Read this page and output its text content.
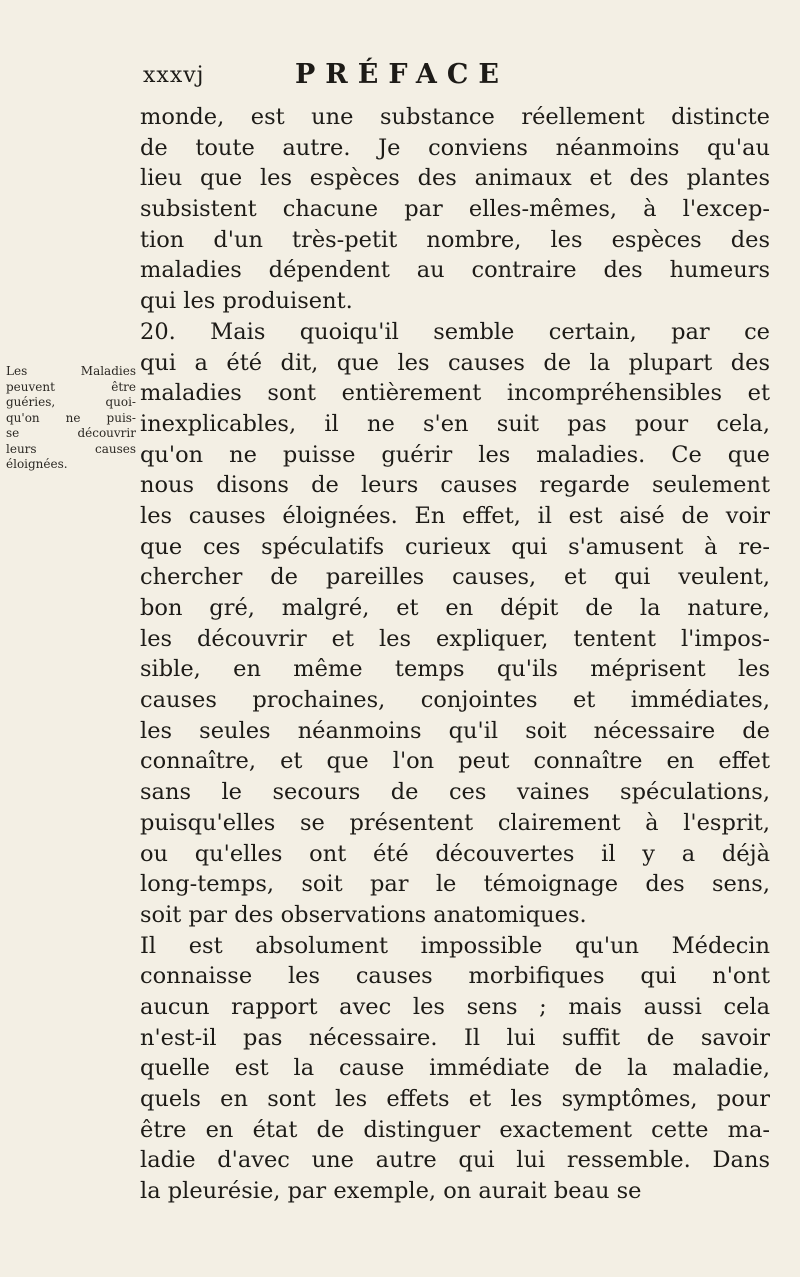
xxxvj	PRÉFACE
Les Maladies
peuvent être
guéries, quoi-
qu'on ne puis-
se découvrir
leurs causes
éloignées.
monde, est une substance réellement distincte
de toute autre. Je conviens néanmoins qu'au
lieu que les espèces des animaux et des plantes
subsistent chacune par elles-mêmes, à l'excep-
tion d'un très-petit nombre, les espèces des
maladies dépendent au contraire des humeurs
qui les produisent.
20. Mais quoiqu'il semble certain, par ce
qui a été dit, que les causes de la plupart des
maladies sont entièrement incompréhensibles et
inexplicables, il ne s'en suit pas pour cela,
qu'on ne puisse guérir les maladies. Ce que
nous disons de leurs causes regarde seulement
les causes éloignées. En effet, il est aisé de voir
que ces spéculatifs curieux qui s'amusent à re-
chercher de pareilles causes, et qui veulent,
bon gré, malgré, et en dépit de la nature,
les découvrir et les expliquer, tentent l'impos-
sible, en même temps qu'ils méprisent les
causes prochaines, conjointes et immédiates,
les seules néanmoins qu'il soit nécessaire de
connaître, et que l'on peut connaître en effet
sans le secours de ces vaines spéculations,
puisqu'elles se présentent clairement à l'esprit,
ou qu'elles ont été découvertes il y a déjà
long-temps, soit par le témoignage des sens,
soit par des observations anatomiques.
Il est absolument impossible qu'un Médecin
connaisse les causes morbifiques qui n'ont
aucun rapport avec les sens ; mais aussi cela
n'est-il pas nécessaire. Il lui suffit de savoir
quelle est la cause immédiate de la maladie,
quels en sont les effets et les symptômes, pour
être en état de distinguer exactement cette ma-
ladie d'avec une autre qui lui ressemble. Dans
la pleurésie, par exemple, on aurait beau se
